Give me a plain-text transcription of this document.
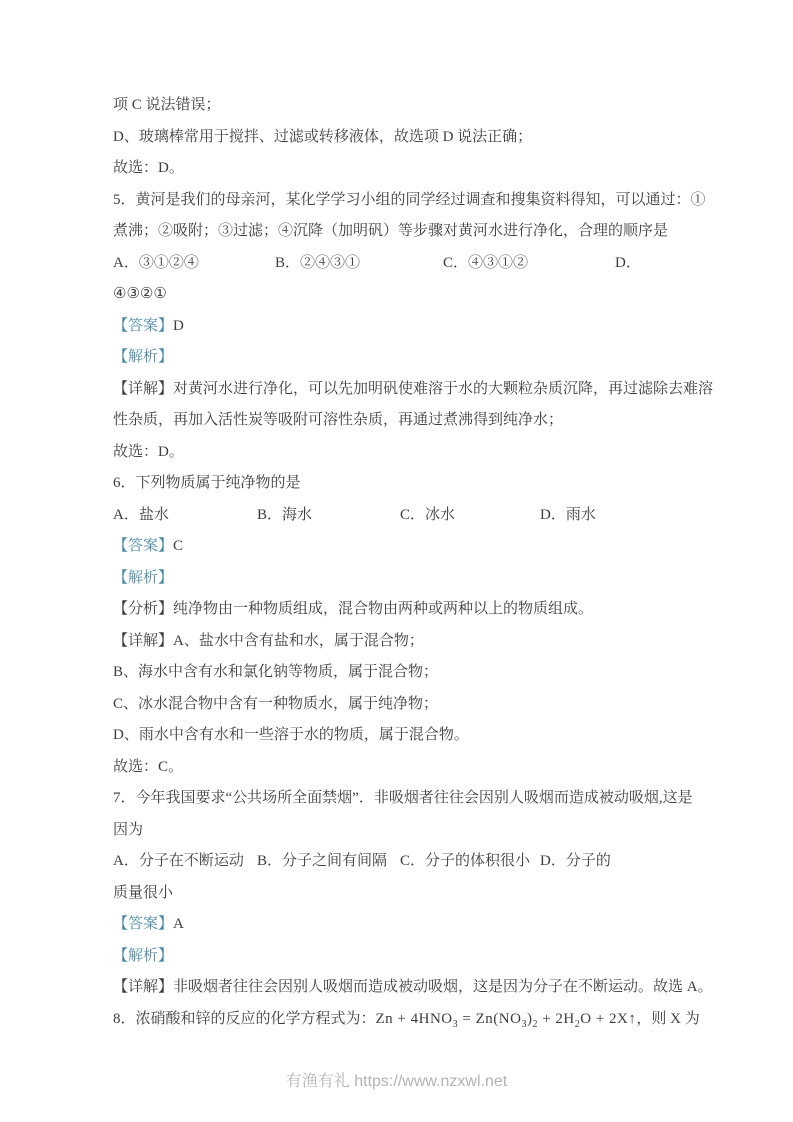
项 C 说法错误；
D、玻璃棒常用于搅拌、过滤或转移液体，故选项 D 说法正确；
故选：D。
5．黄河是我们的母亲河，某化学学习小组的同学经过调查和搜集资料得知，可以通过：①
煮沸；②吸附；③过滤；④沉降（加明矾）等步骤对黄河水进行净化，合理的顺序是
A．③①②④	B．②④③①	C．④③①②	D．
④③②①
【答案】D
【解析】
【详解】对黄河水进行净化，可以先加明矾使难溶于水的大颗粒杂质沉降，再过滤除去难溶
性杂质，再加入活性炭等吸附可溶性杂质，再通过煮沸得到纯净水；
故选：D。
6．下列物质属于纯净物的是
A．盐水	B．海水	C．冰水	D．雨水
【答案】C
【解析】
【分析】纯净物由一种物质组成，混合物由两种或两种以上的物质组成。
【详解】A、盐水中含有盐和水，属于混合物；
B、海水中含有水和氯化钠等物质，属于混合物；
C、冰水混合物中含有一种物质水，属于纯净物；
D、雨水中含有水和一些溶于水的物质，属于混合物。
故选：C。
7．今年我国要求“公共场所全面禁烟”．非吸烟者往往会因别人吸烟而造成被动吸烟,这是
因为
A．分子在不断运动 B．分子之间有间隔 C．分子的体积很小 D．分子的
质量很小
【答案】A
【解析】
【详解】非吸烟者往往会因别人吸烟而造成被动吸烟，这是因为分子在不断运动。故选 A。
8．浓硝酸和锌的反应的化学方程式为：$Zn + 4HNO_3 = Zn(NO_3)_2 + 2H_2O$ + 2X↑，则 X 为
有渔有礼 https://www.nzxwl.net
